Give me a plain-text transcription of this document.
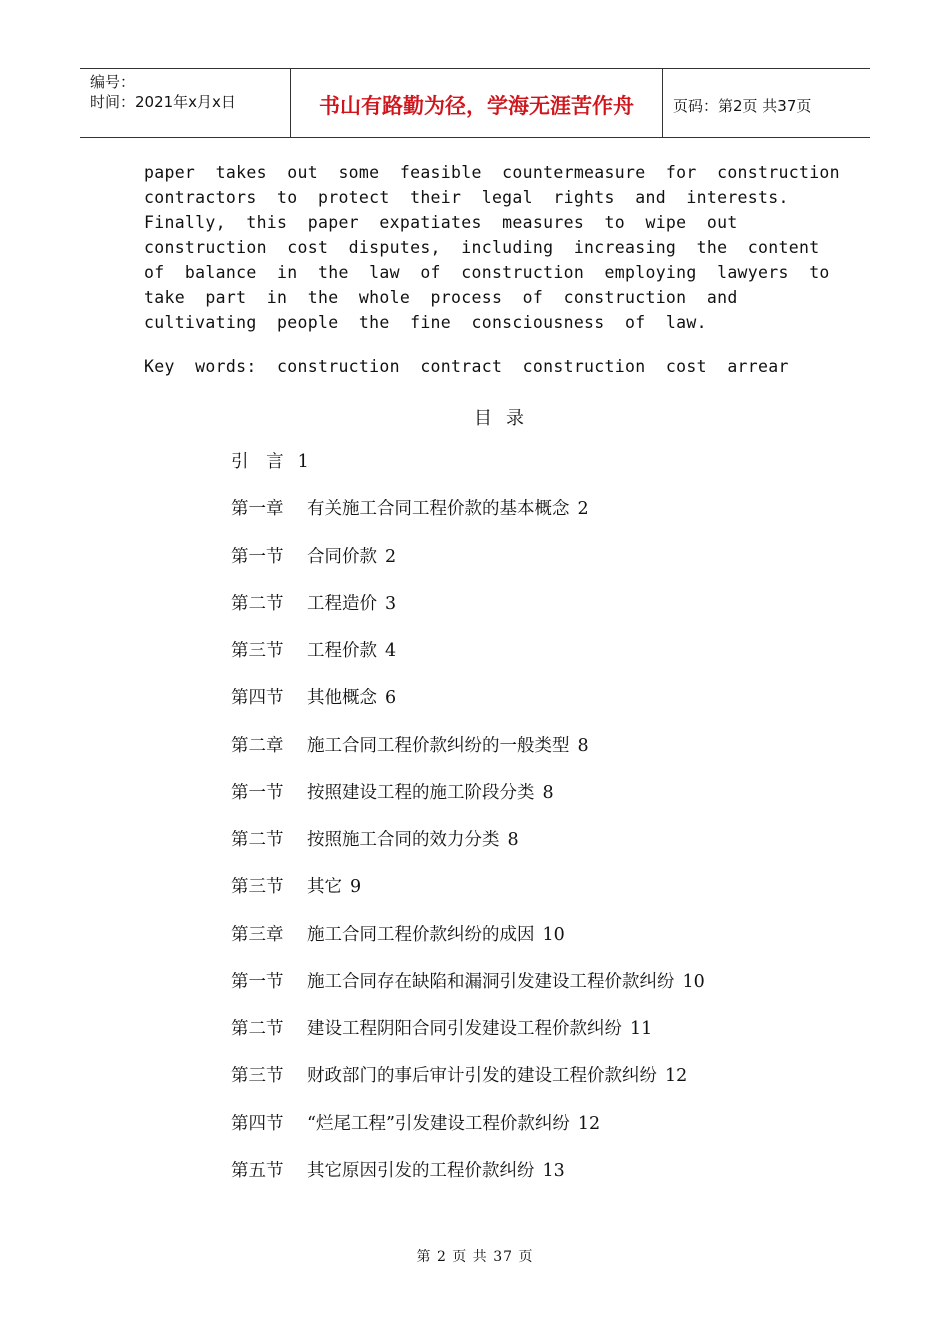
编号：
时间：2021年x月x日	书山有路勤为径，学海无涯苦作舟	页码：第2页 共37页
paper  takes  out  some  feasible  countermeasure  for  construction
contractors  to  protect  their  legal  rights  and  interests.
Finally,  this  paper  expatiates  measures  to  wipe  out
construction  cost  disputes,  including  increasing  the  content
of  balance  in  the  law  of  construction  employing  lawyers  to
take  part  in  the  whole  process  of  construction  and
cultivating  people  the  fine  consciousness  of  law.
Key  words:  construction  contract  construction  cost  arrear
目录
引 言 1
第一章 有关施工合同工程价款的基本概念 2
第一节 合同价款 2
第二节 工程造价 3
第三节 工程价款 4
第四节 其他概念 6
第二章 施工合同工程价款纠纷的一般类型 8
第一节 按照建设工程的施工阶段分类 8
第二节 按照施工合同的效力分类 8
第三节 其它 9
第三章 施工合同工程价款纠纷的成因 10
第一节 施工合同存在缺陷和漏洞引发建设工程价款纠纷 10
第二节 建设工程阴阳合同引发建设工程价款纠纷 11
第三节 财政部门的事后审计引发的建设工程价款纠纷 12
第四节 “烂尾工程”引发建设工程价款纠纷 12
第五节 其它原因引发的工程价款纠纷 13
第 2 页 共 37 页
